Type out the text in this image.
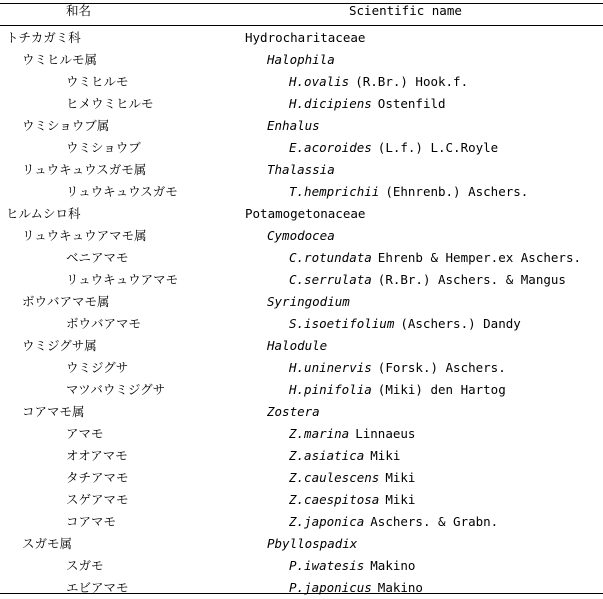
和名	Scientific name
トチカガミ科	Hydrocharitaceae
ウミヒルモ属	Halophila
ウミヒルモ	H.ovalis (R.Br.) Hook.f.
ヒメウミヒルモ	H.dicipiens Ostenfild
ウミショウブ属	Enhalus
ウミショウブ	E.acoroides (L.f.) L.C.Royle
リュウキュウスガモ属	Thalassia
リュウキュウスガモ	T.hemprichii (Ehnrenb.) Aschers.
ヒルムシロ科	Potamogetonaceae
リュウキュウアマモ属	Cymodocea
ベニアマモ	C.rotundata Ehrenb & Hemper.ex Aschers.
リュウキュウアマモ	C.serrulata (R.Br.) Aschers. & Mangus
ボウバアマモ属	Syringodium
ボウバアマモ	S.isoetifolium (Aschers.) Dandy
ウミジグサ属	Halodule
ウミジグサ	H.uninervis (Forsk.) Aschers.
マツバウミジグサ	H.pinifolia (Miki) den Hartog
コアマモ属	Zostera
アマモ	Z.marina Linnaeus
オオアマモ	Z.asiatica Miki
タチアマモ	Z.caulescens Miki
スゲアマモ	Z.caespitosa Miki
コアマモ	Z.japonica Aschers. & Grabn.
スガモ属	Pbyllospadix
スガモ	P.iwatesis Makino
エビアマモ	P.japonicus Makino
